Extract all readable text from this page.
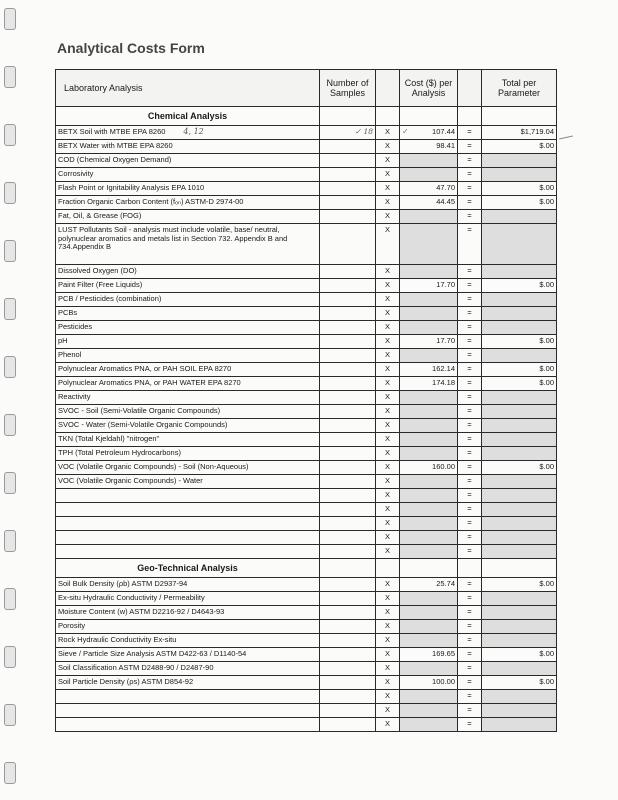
Analytical Costs Form
Laboratory Analysis	Number of Samples		Cost ($) per Analysis		Total per Parameter
Chemical Analysis					
BETX Soil with MTBE EPA 8260 4, 12	✓ 18	X	✓ 107.44	=	$1,719.04
BETX Water with MTBE EPA 8260		X	98.41	=	$.00
COD (Chemical Oxygen Demand)		X		=	
Corrosivity		X		=	
Flash Point or Ignitability Analysis EPA 1010		X	47.70	=	$.00
Fraction Organic Carbon Content (fₒₙ) ASTM-D 2974-00		X	44.45	=	$.00
Fat, Oil, & Grease (FOG)		X		=	
LUST Pollutants Soil - analysis must include volatile, base/ neutral, polynuclear aromatics and metals list in Section 732. Appendix B and 734.Appendix B		X		=	
Dissolved Oxygen (DO)		X		=	
Paint Filter (Free Liquids)		X	17.70	=	$.00
PCB / Pesticides (combination)		X		=	
PCBs		X		=	
Pesticides		X		=	
pH		X	17.70	=	$.00
Phenol		X		=	
Polynuclear Aromatics PNA, or PAH SOIL EPA 8270		X	162.14	=	$.00
Polynuclear Aromatics PNA, or PAH WATER EPA 8270		X	174.18	=	$.00
Reactivity		X		=	
SVOC - Soil (Semi-Volatile Organic Compounds)		X		=	
SVOC - Water (Semi-Volatile Organic Compounds)		X		=	
TKN (Total Kjeldahl) "nitrogen"		X		=	
TPH (Total Petroleum Hydrocarbons)		X		=	
VOC (Volatile Organic Compounds) - Soil (Non-Aqueous)		X	160.00	=	$.00
VOC (Volatile Organic Compounds) - Water		X		=	
		X		=	
		X		=	
		X		=	
		X		=	
		X		=	
Geo-Technical Analysis					
Soil Bulk Density (ρb) ASTM D2937-94		X	25.74	=	$.00
Ex-situ Hydraulic Conductivity / Permeability		X		=	
Moisture Content (w) ASTM D2216-92 / D4643-93		X		=	
Porosity		X		=	
Rock Hydraulic Conductivity Ex-situ		X		=	
Sieve / Particle Size Analysis ASTM D422-63 / D1140-54		X	169.65	=	$.00
Soil Classification ASTM D2488-90 / D2487-90		X		=	
Soil Particle Density (ρs) ASTM D854-92		X	100.00	=	$.00
		X		=	
		X		=	
		X		=	
